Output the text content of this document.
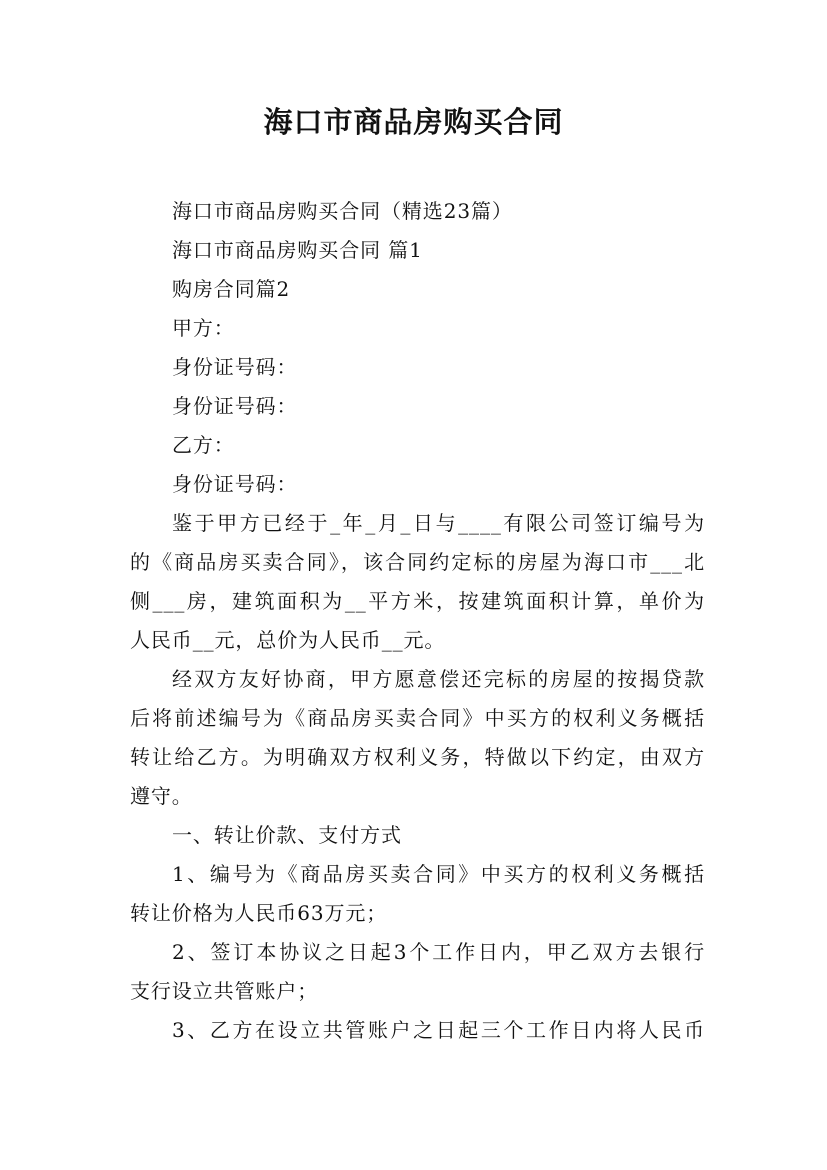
海口市商品房购买合同

海口市商品房购买合同（精选23篇）

海口市商品房购买合同 篇1

购房合同篇2

甲方：

身份证号码：

身份证号码：

乙方：

身份证号码：

鉴于甲方已经于_年_月_日与____有限公司签订编号为
的《商品房买卖合同》，该合同约定标的房屋为海口市___北
侧___房，建筑面积为__平方米，按建筑面积计算，单价为
人民币__元，总价为人民币__元。

经双方友好协商，甲方愿意偿还完标的房屋的按揭贷款
后将前述编号为《商品房买卖合同》中买方的权利义务概括
转让给乙方。为明确双方权利义务，特做以下约定，由双方
遵守。

一、转让价款、支付方式

1、编号为《商品房买卖合同》中买方的权利义务概括
转让价格为人民币63万元；

2、签订本协议之日起3个工作日内，甲乙双方去银行
支行设立共管账户；

3、乙方在设立共管账户之日起三个工作日内将人民币
